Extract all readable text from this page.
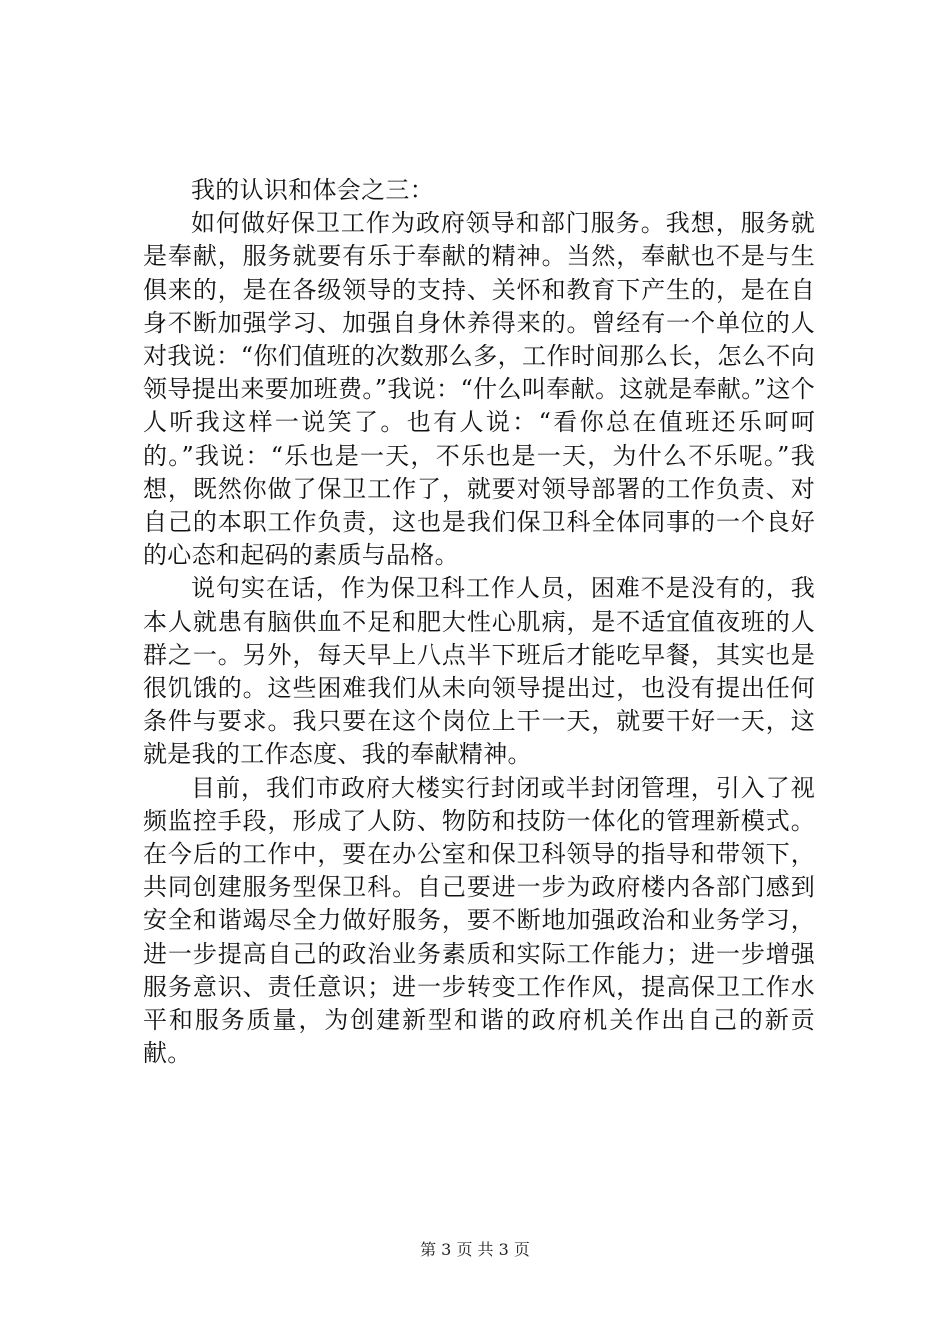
我的认识和体会之三：

如何做好保卫工作为政府领导和部门服务。我想，服务就是奉献，服务就要有乐于奉献的精神。当然，奉献也不是与生俱来的，是在各级领导的支持、关怀和教育下产生的，是在自身不断加强学习、加强自身休养得来的。曾经有一个单位的人对我说：“你们值班的次数那么多，工作时间那么长，怎么不向领导提出来要加班费。”我说：“什么叫奉献。这就是奉献。”这个人听我这样一说笑了。也有人说：“看你总在值班还乐呵呵的。”我说：“乐也是一天，不乐也是一天，为什么不乐呢。”我想，既然你做了保卫工作了，就要对领导部署的工作负责、对自己的本职工作负责，这也是我们保卫科全体同事的一个良好的心态和起码的素质与品格。

说句实在话，作为保卫科工作人员，困难不是没有的，我本人就患有脑供血不足和肥大性心肌病，是不适宜值夜班的人群之一。另外，每天早上八点半下班后才能吃早餐，其实也是很饥饿的。这些困难我们从未向领导提出过，也没有提出任何条件与要求。我只要在这个岗位上干一天，就要干好一天，这就是我的工作态度、我的奉献精神。

目前，我们市政府大楼实行封闭或半封闭管理，引入了视频监控手段，形成了人防、物防和技防一体化的管理新模式。在今后的工作中，要在办公室和保卫科领导的指导和带领下，共同创建服务型保卫科。自己要进一步为政府楼内各部门感到安全和谐竭尽全力做好服务，要不断地加强政治和业务学习，进一步提高自己的政治业务素质和实际工作能力；进一步增强服务意识、责任意识；进一步转变工作作风，提高保卫工作水平和服务质量，为创建新型和谐的政府机关作出自己的新贡献。

第 3 页 共 3 页
